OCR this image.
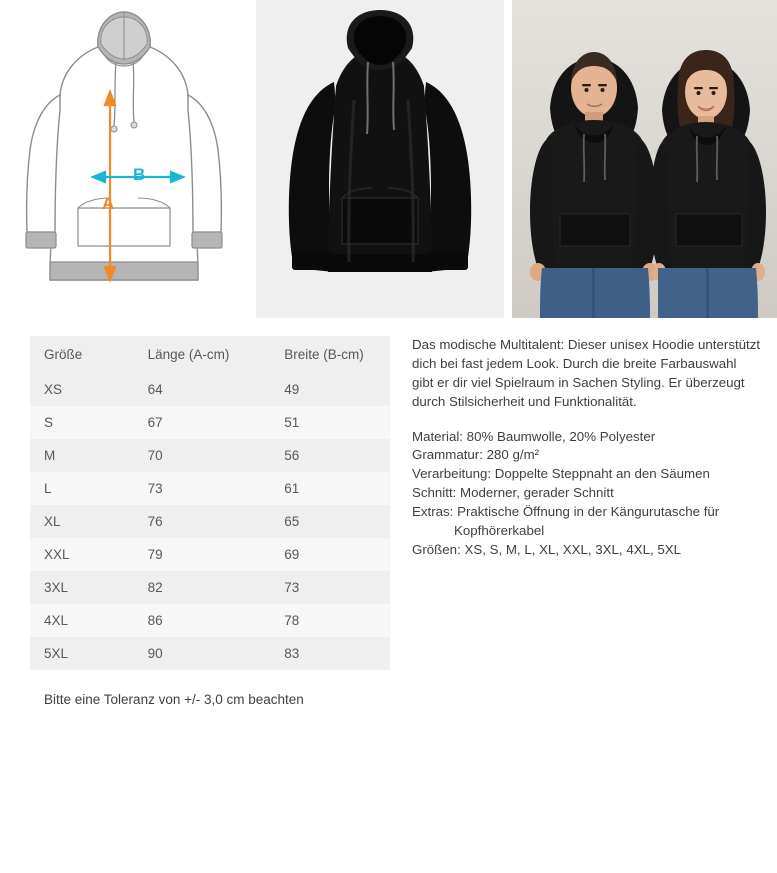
B
A
Größe	Länge (A-cm)	Breite (B-cm)
XS	64	49
S	67	51
M	70	56
L	73	61
XL	76	65
XXL	79	69
3XL	82	73
4XL	86	78
5XL	90	83
Bitte eine Toleranz von +/- 3,0 cm beachten

Das modische Multitalent: Dieser unisex Hoodie unterstützt dich bei fast jedem Look. Durch die breite Farbauswahl gibt er dir viel Spielraum in Sachen Styling. Er überzeugt durch Stilsicherheit und Funktionalität.

Material: 80% Baumwolle, 20% Polyester

Grammatur: 280 g/m²

Verarbeitung: Doppelte Steppnaht an den Säumen

Schnitt: Moderner, gerader Schnitt

Extras: Praktische Öffnung in der Kängurutasche für

Kopfhörerkabel

Größen: XS, S, M, L, XL, XXL, 3XL, 4XL, 5XL
